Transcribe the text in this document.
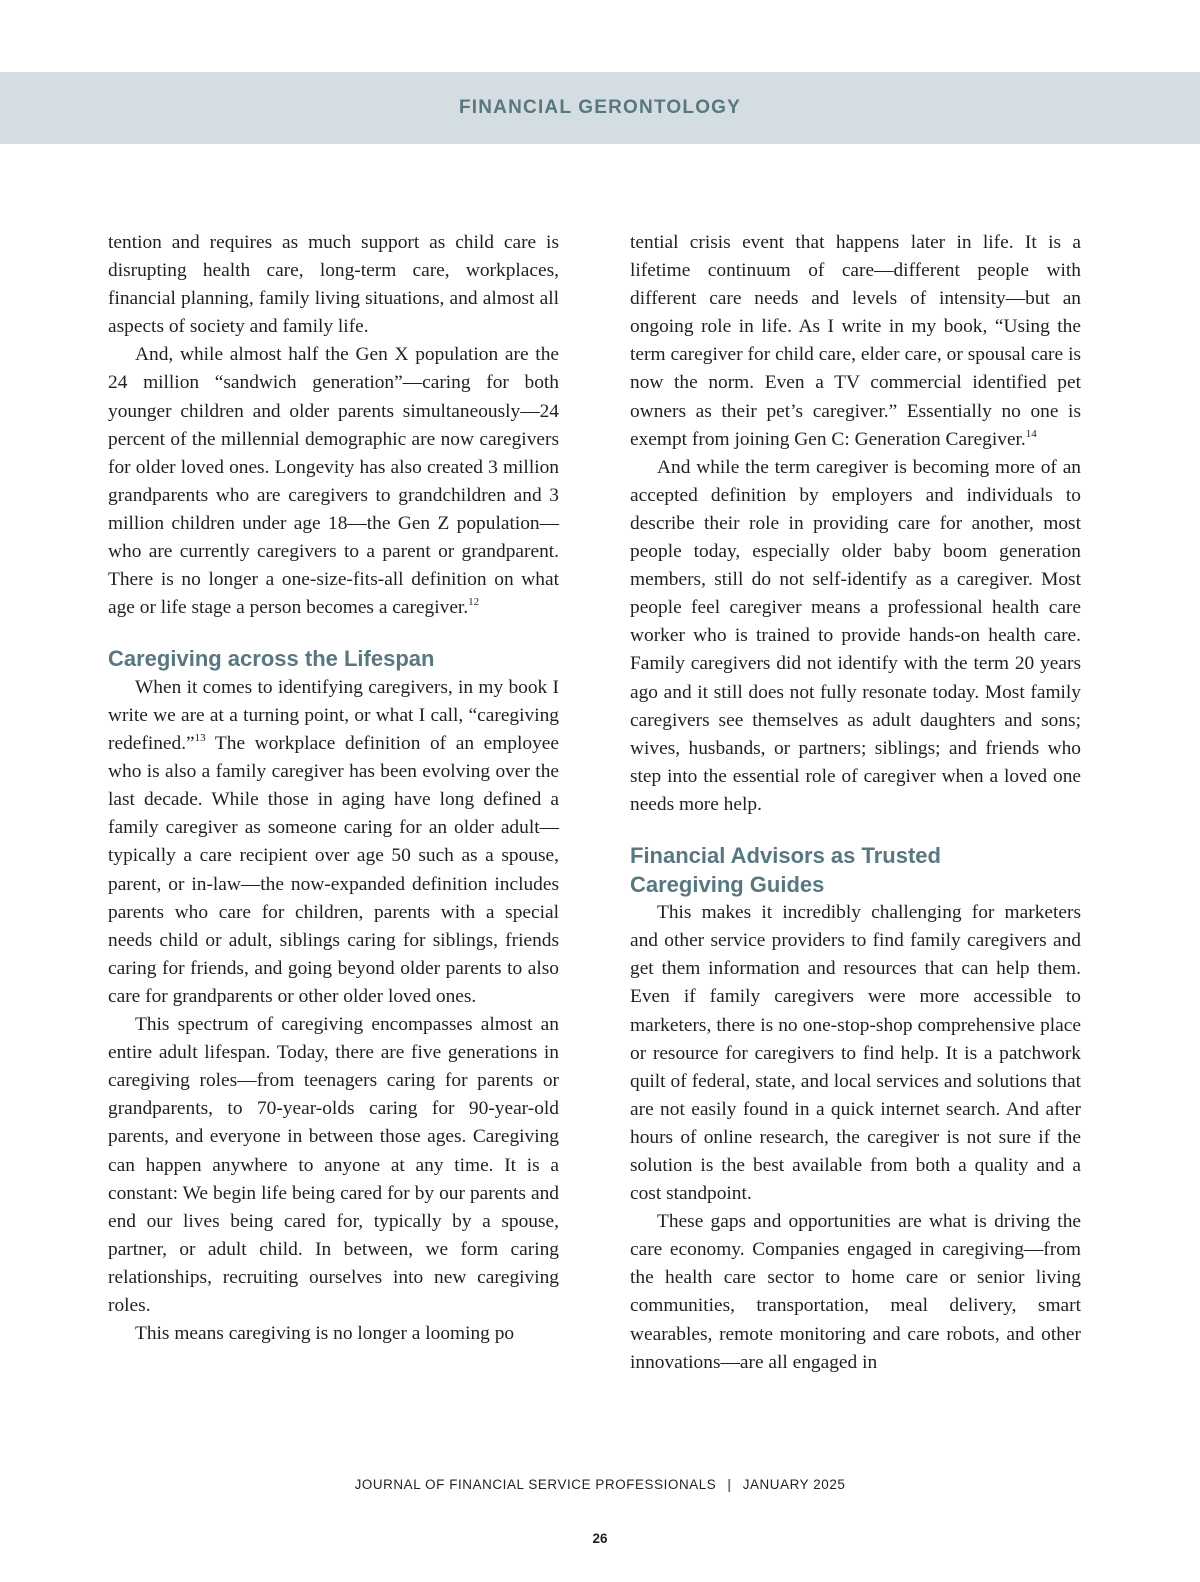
FINANCIAL GERONTOLOGY

tention and requires as much support as child care is disrupting health care, long-term care, workplaces, financial planning, family living situations, and almost all aspects of society and family life.

And, while almost half the Gen X population are the 24 million “sandwich generation”—caring for both younger children and older parents simultaneously—24 percent of the millennial demographic are now caregivers for older loved ones. Longevity has also created 3 million grandparents who are caregivers to grandchildren and 3 million children under age 18—the Gen Z population—who are currently caregivers to a parent or grandparent. There is no longer a one-size-fits-all definition on what age or life stage a person becomes a caregiver.$^{12}$

Caregiving across the Lifespan

When it comes to identifying caregivers, in my book I write we are at a turning point, or what I call, “caregiving redefined.”$^{13}$ The workplace definition of an employee who is also a family caregiver has been evolving over the last decade. While those in aging have long defined a family caregiver as someone caring for an older adult—typically a care recipient over age 50 such as a spouse, parent, or in-law—the now-expanded definition includes parents who care for children, parents with a special needs child or adult, siblings caring for siblings, friends caring for friends, and going beyond older parents to also care for grandparents or other older loved ones.

This spectrum of caregiving encompasses almost an entire adult lifespan. Today, there are five generations in caregiving roles—from teenagers caring for parents or grandparents, to 70-year-olds caring for 90-year-old parents, and everyone in between those ages. Caregiving can happen anywhere to anyone at any time. It is a constant: We begin life being cared for by our parents and end our lives being cared for, typically by a spouse, partner, or adult child. In between, we form caring relationships, recruiting ourselves into new caregiving roles.

This means caregiving is no longer a looming po

tential crisis event that happens later in life. It is a lifetime continuum of care—different people with different care needs and levels of intensity—but an ongoing role in life. As I write in my book, “Using the term caregiver for child care, elder care, or spousal care is now the norm. Even a TV commercial identified pet owners as their pet’s caregiver.” Essentially no one is exempt from joining Gen C: Generation Caregiver.$^{14}$

And while the term caregiver is becoming more of an accepted definition by employers and individuals to describe their role in providing care for another, most people today, especially older baby boom generation members, still do not self-identify as a caregiver. Most people feel caregiver means a professional health care worker who is trained to provide hands-on health care. Family caregivers did not identify with the term 20 years ago and it still does not fully resonate today. Most family caregivers see themselves as adult daughters and sons; wives, husbands, or partners; siblings; and friends who step into the essential role of caregiver when a loved one needs more help.

Financial Advisors as Trusted
Caregiving Guides

This makes it incredibly challenging for marketers and other service providers to find family caregivers and get them information and resources that can help them. Even if family caregivers were more accessible to marketers, there is no one-stop-shop comprehensive place or resource for caregivers to find help. It is a patchwork quilt of federal, state, and local services and solutions that are not easily found in a quick internet search. And after hours of online research, the caregiver is not sure if the solution is the best available from both a quality and a cost standpoint.

These gaps and opportunities are what is driving the care economy. Companies engaged in caregiving—from the health care sector to home care or senior living communities, transportation, meal delivery, smart wearables, remote monitoring and care robots, and other innovations—are all engaged in

JOURNAL OF FINANCIAL SERVICE PROFESSIONALS | JANUARY 2025
26
